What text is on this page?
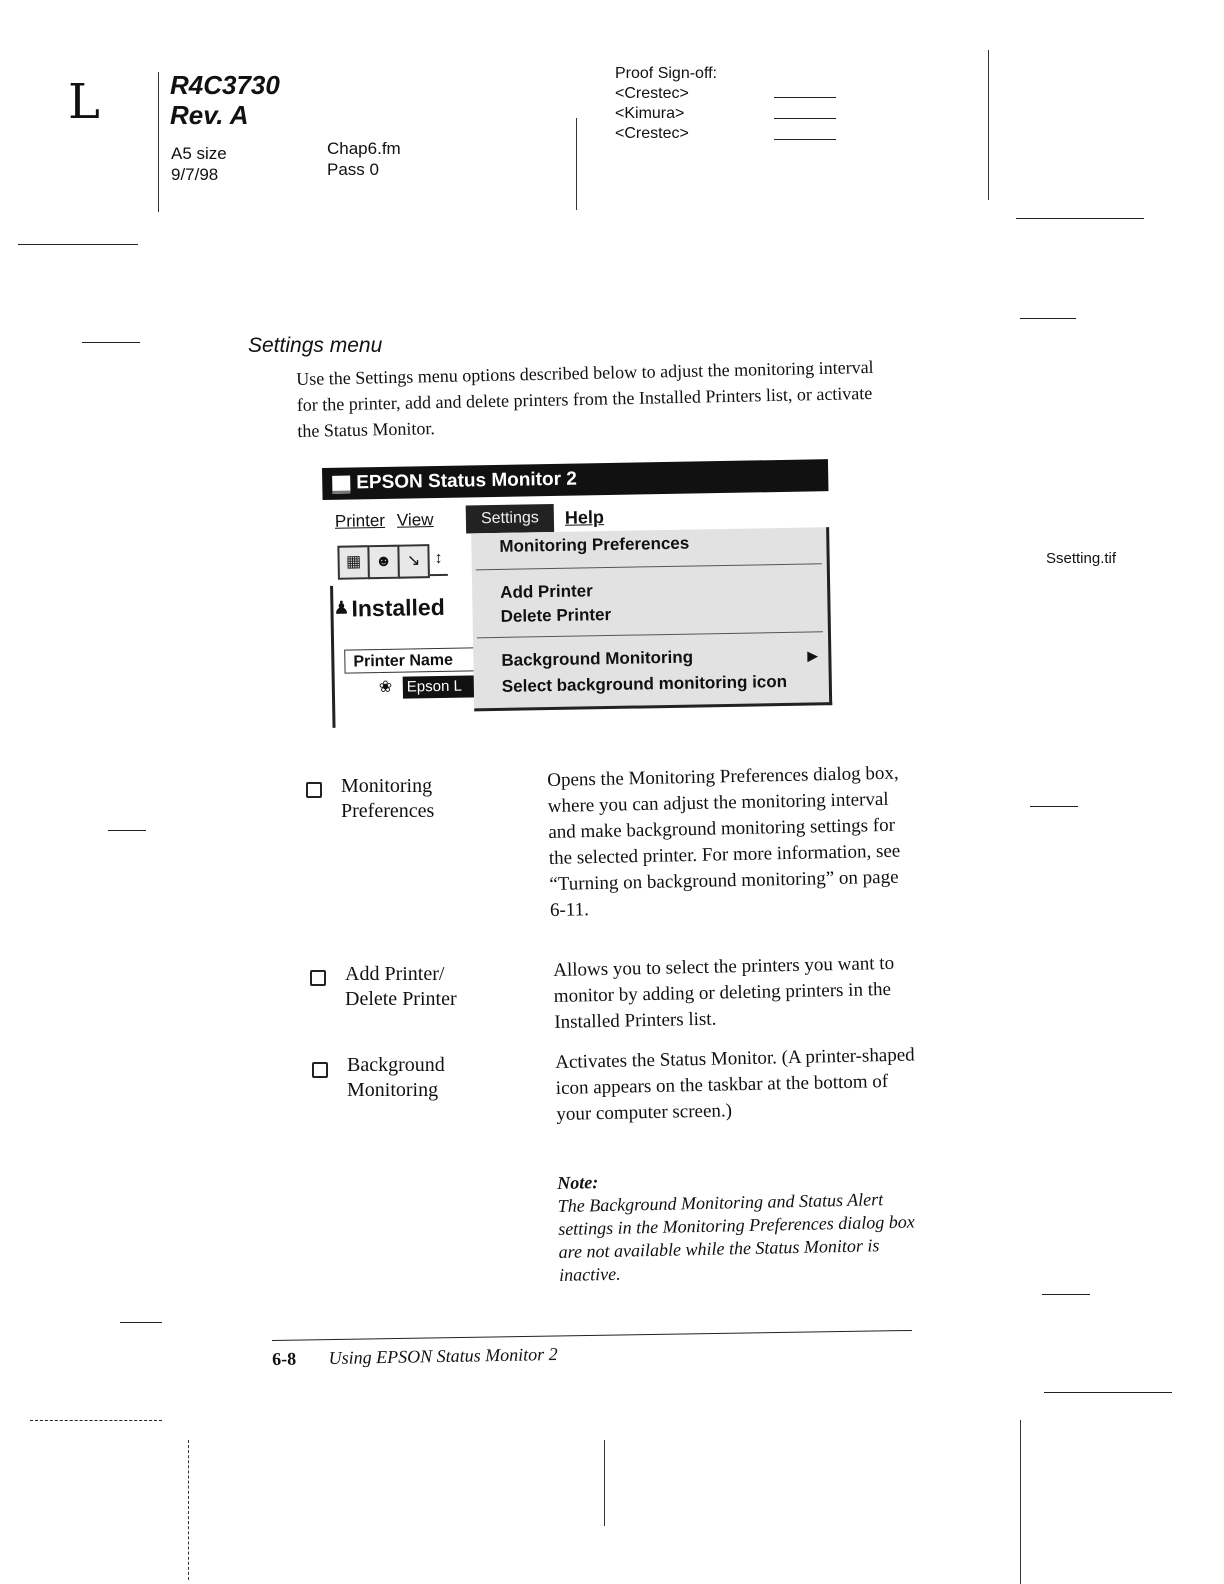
L	R4C3730
Rev. A
A5 size
9/7/98
Chap6.fm
Pass 0
Proof Sign-off:
<Crestec>
<Kimura>
<Crestec>
Settings menu
Use the Settings menu options described below to adjust the monitoring interval for the printer, add and delete printers from the Installed Printers list, or activate the Status Monitor.
EPSON Status Monitor 2
Printer View	Settings	Help
▦ ☻ ↘ ↕
♟ Installed
Printer Name
❀ Epson L
Monitoring Preferences
Add Printer
Delete Printer
Background Monitoring	▶
Select background monitoring icon
Ssetting.tif
Monitoring Preferences
Opens the Monitoring Preferences dialog box, where you can adjust the monitoring interval and make background monitoring settings for the selected printer. For more information, see “Turning on background monitoring” on page 6-11.
Add Printer/ Delete Printer
Allows you to select the printers you want to monitor by adding or deleting printers in the Installed Printers list.
Background Monitoring
Activates the Status Monitor. (A printer-shaped icon appears on the taskbar at the bottom of your computer screen.)
Note:
The Background Monitoring and Status Alert settings in the Monitoring Preferences dialog box are not available while the Status Monitor is inactive.
6-8 Using EPSON Status Monitor 2
